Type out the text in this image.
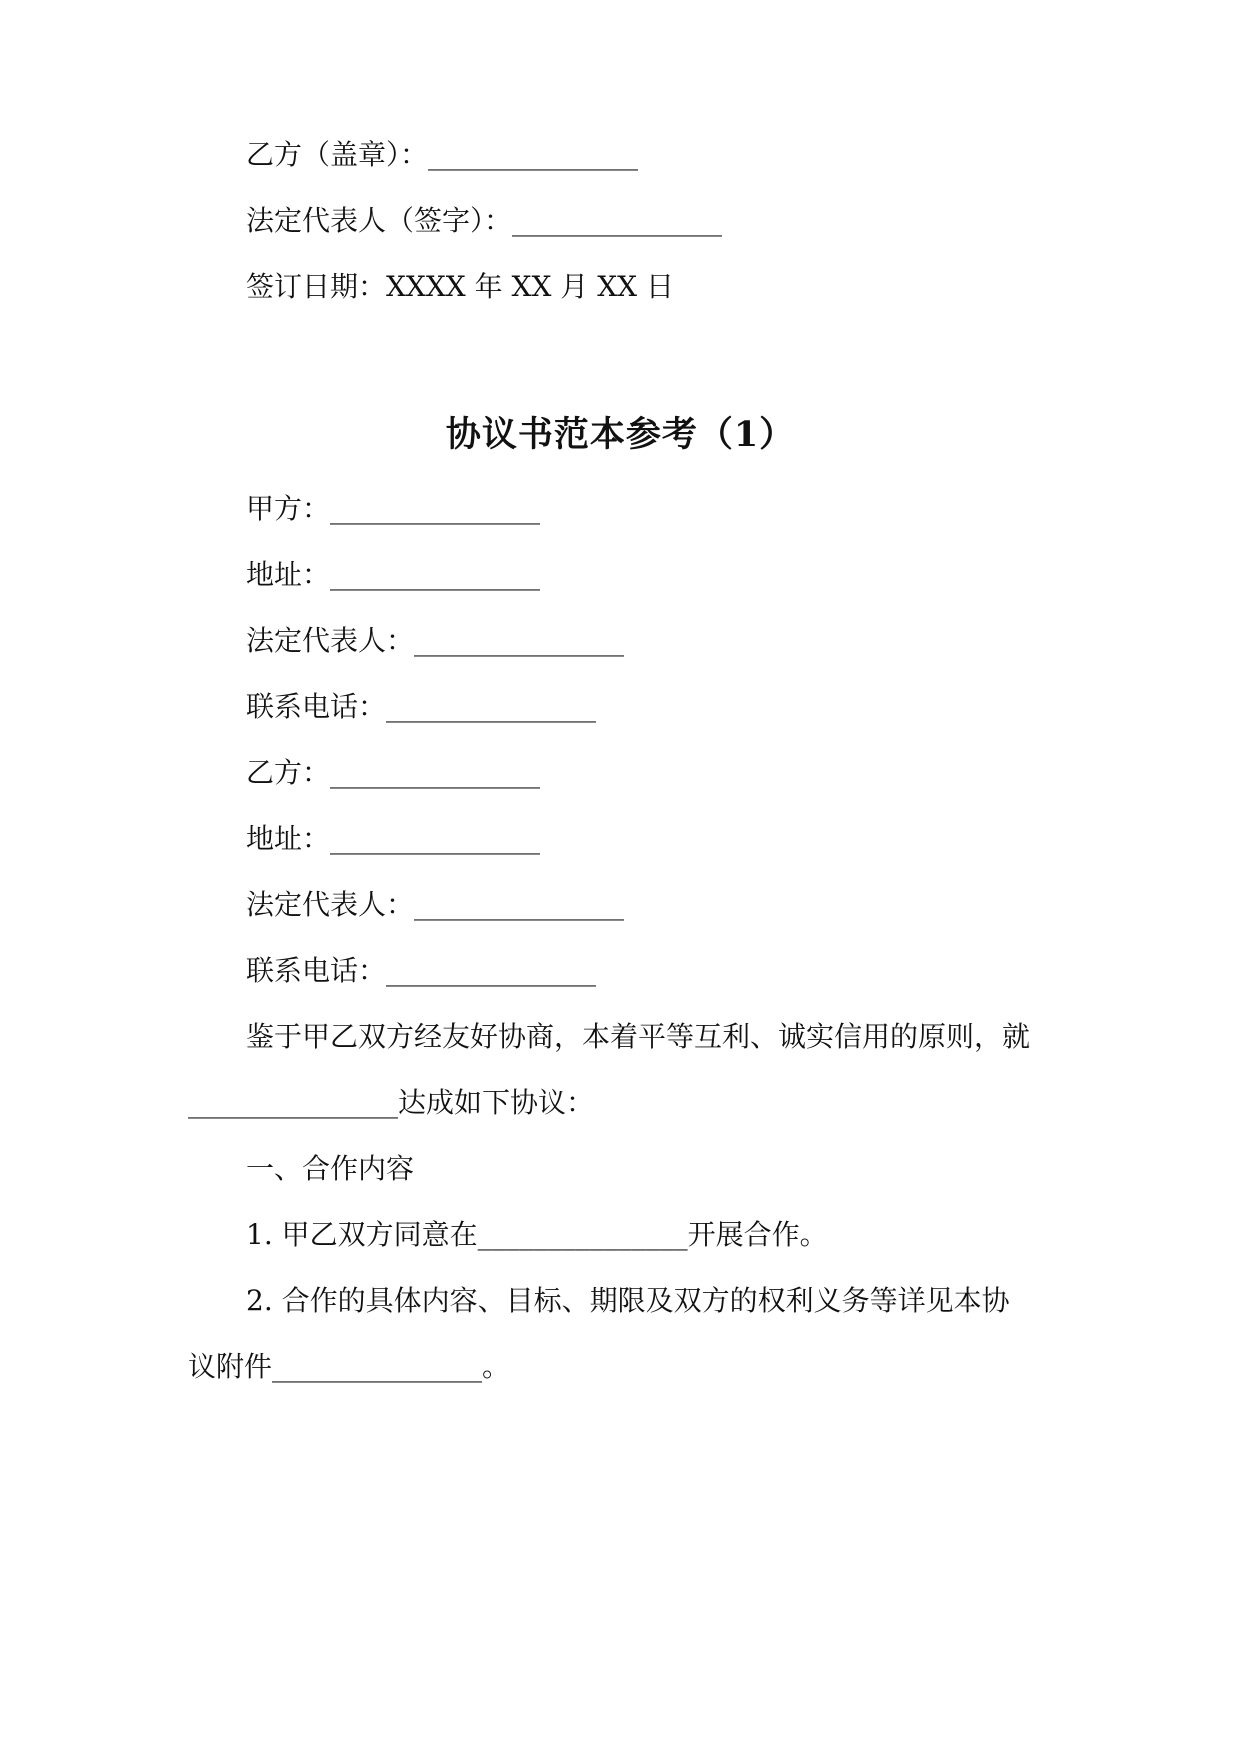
乙方（盖章）：_______________
法定代表人（签字）：_______________
签订日期：XXXX 年 XX 月 XX 日
协议书范本参考（1）
甲方：_______________
地址：_______________
法定代表人：_______________
联系电话：_______________
乙方：_______________
地址：_______________
法定代表人：_______________
联系电话：_______________
鉴于甲乙双方经友好协商，本着平等互利、诚实信用的原则，就
_______________达成如下协议：
一、合作内容
1. 甲乙双方同意在_______________开展合作。
2. 合作的具体内容、目标、期限及双方的权利义务等详见本协
议附件_______________。
